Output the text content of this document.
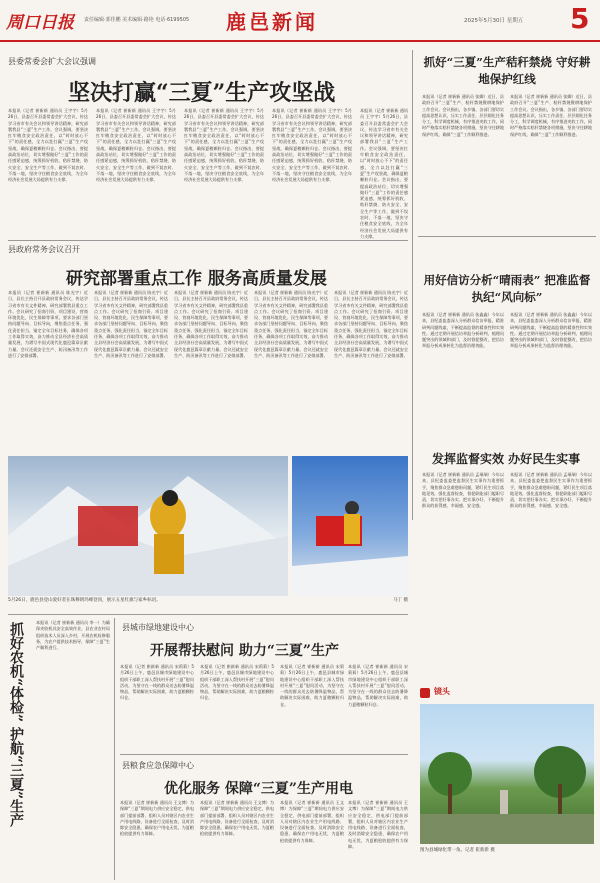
周口日报 责任编辑·郭佳鹏 美术编辑·路艳 电话·6199505 鹿邑新闻	2025年5月30日 星期五 5
县委常委会扩大会议强调
坚决打赢“三夏”生产攻坚战
本报讯（记者 崔新新 通讯员 王宇宇）5月26日，县委召开县委常委会扩大会议，传达学习省市有关会议和领导讲话精神，研究部署我县“三夏”生产工作。会议强调，要坚决扛牢粮食安全政治责任，以“时时放心不下”的责任感，全力以赴打赢“三夏”生产攻坚战，确保夏粮颗粒归仓。会议指出，要提高政治站位，切实增强做好“三夏”工作的责任感紧迫感，统筹抓好机收、秸秆禁烧、防火安全、安全生产等工作，做到不误农时、不落一地，坚决守住粮食安全底线，为全年经济社会发展大局提供有力支撑。
本报讯（记者 崔新新 通讯员 王宇宇）5月26日，县委召开县委常委会扩大会议，传达学习省市有关会议和领导讲话精神，研究部署我县“三夏”生产工作。会议强调，要坚决扛牢粮食安全政治责任，以“时时放心不下”的责任感，全力以赴打赢“三夏”生产攻坚战，确保夏粮颗粒归仓。会议指出，要提高政治站位，切实增强做好“三夏”工作的责任感紧迫感，统筹抓好机收、秸秆禁烧、防火安全、安全生产等工作，做到不误农时、不落一地，坚决守住粮食安全底线，为全年经济社会发展大局提供有力支撑。
本报讯（记者 崔新新 通讯员 王宇宇）5月26日，县委召开县委常委会扩大会议，传达学习省市有关会议和领导讲话精神，研究部署我县“三夏”生产工作。会议强调，要坚决扛牢粮食安全政治责任，以“时时放心不下”的责任感，全力以赴打赢“三夏”生产攻坚战，确保夏粮颗粒归仓。会议指出，要提高政治站位，切实增强做好“三夏”工作的责任感紧迫感，统筹抓好机收、秸秆禁烧、防火安全、安全生产等工作，做到不误农时、不落一地，坚决守住粮食安全底线，为全年经济社会发展大局提供有力支撑。
本报讯（记者 崔新新 通讯员 王宇宇）5月26日，县委召开县委常委会扩大会议，传达学习省市有关会议和领导讲话精神，研究部署我县“三夏”生产工作。会议强调，要坚决扛牢粮食安全政治责任，以“时时放心不下”的责任感，全力以赴打赢“三夏”生产攻坚战，确保夏粮颗粒归仓。会议指出，要提高政治站位，切实增强做好“三夏”工作的责任感紧迫感，统筹抓好机收、秸秆禁烧、防火安全、安全生产等工作，做到不误农时、不落一地，坚决守住粮食安全底线，为全年经济社会发展大局提供有力支撑。
本报讯（记者 崔新新 通讯员 王宇宇）5月26日，县委召开县委常委会扩大会议，传达学习省市有关会议和领导讲话精神，研究部署我县“三夏”生产工作。会议强调，要坚决扛牢粮食安全政治责任，以“时时放心不下”的责任感，全力以赴打赢“三夏”生产攻坚战，确保夏粮颗粒归仓。会议指出，要提高政治站位，切实增强做好“三夏”工作的责任感紧迫感，统筹抓好机收、秸秆禁烧、防火安全、安全生产等工作，做到不误农时、不落一地，坚决守住粮食安全底线，为全年经济社会发展大局提供有力支撑。
抓好“三夏”生产秸秆禁烧 守好耕地保护红线
本报讯（记者 崔新新 通讯员 张卿）近日，县政府召开“三夏”生产、秸秆禁烧暨耕地保护工作会议。会议指出，各乡镇、各部门要切实提高思想认识，压实工作责任，层层细化任务分工，科学调度机械，有序推进麦收工作，同时严格落实秸秆禁烧各项措施，坚决守住耕地保护红线，确保“三夏”工作顺利推进。
本报讯（记者 崔新新 通讯员 张卿）近日，县政府召开“三夏”生产、秸秆禁烧暨耕地保护工作会议。会议指出，各乡镇、各部门要切实提高思想认识，压实工作责任，层层细化任务分工，科学调度机械，有序推进麦收工作，同时严格落实秸秆禁烧各项措施，坚决守住耕地保护红线，确保“三夏”工作顺利推进。
县政府常务会议召开
研究部署重点工作 服务高质量发展
本报讯（记者 崔新新 通讯员 陈光宇）近日，县长主持召开县政府常务会议，传达学习省市有关文件精神，研究部署我县重点工作。会议研究了招商引资、项目建设、营商环境优化、民生保障等事项，要求各部门坚持问题导向、目标导向，聚焦重点任务，强化责任担当，锚定全年目标任务，确保各项工作取得实效，奋力推动全县经济社会高质量发展，为谱写中国式现代化鹿邑篇章贡献力量。会议还就安全生产、防汛备汛等工作进行了安排部署。
本报讯（记者 崔新新 通讯员 陈光宇）近日，县长主持召开县政府常务会议，传达学习省市有关文件精神，研究部署我县重点工作。会议研究了招商引资、项目建设、营商环境优化、民生保障等事项，要求各部门坚持问题导向、目标导向，聚焦重点任务，强化责任担当，锚定全年目标任务，确保各项工作取得实效，奋力推动全县经济社会高质量发展，为谱写中国式现代化鹿邑篇章贡献力量。会议还就安全生产、防汛备汛等工作进行了安排部署。
本报讯（记者 崔新新 通讯员 陈光宇）近日，县长主持召开县政府常务会议，传达学习省市有关文件精神，研究部署我县重点工作。会议研究了招商引资、项目建设、营商环境优化、民生保障等事项，要求各部门坚持问题导向、目标导向，聚焦重点任务，强化责任担当，锚定全年目标任务，确保各项工作取得实效，奋力推动全县经济社会高质量发展，为谱写中国式现代化鹿邑篇章贡献力量。会议还就安全生产、防汛备汛等工作进行了安排部署。
本报讯（记者 崔新新 通讯员 陈光宇）近日，县长主持召开县政府常务会议，传达学习省市有关文件精神，研究部署我县重点工作。会议研究了招商引资、项目建设、营商环境优化、民生保障等事项，要求各部门坚持问题导向、目标导向，聚焦重点任务，强化责任担当，锚定全年目标任务，确保各项工作取得实效，奋力推动全县经济社会高质量发展，为谱写中国式现代化鹿邑篇章贡献力量。会议还就安全生产、防汛备汛等工作进行了安排部署。
本报讯（记者 崔新新 通讯员 陈光宇）近日，县长主持召开县政府常务会议，传达学习省市有关文件精神，研究部署我县重点工作。会议研究了招商引资、项目建设、营商环境优化、民生保障等事项，要求各部门坚持问题导向、目标导向，聚焦重点任务，强化责任担当，锚定全年目标任务，确保各项工作取得实效，奋力推动全县经济社会高质量发展，为谱写中国式现代化鹿邑篇章贡献力量。会议还就安全生产、防汛备汛等工作进行了安排部署。
用好信访分析“晴雨表” 把准监督执纪“风向标”
本报讯（记者 崔新新 通讯员 张鑫鑫）今年以来，县纪委监委深入分析群众信访举报，精准研判问题线索，不断提高监督的精准性和实效性。通过定期开展信访举报分析研判，梳理问题突出的领域和部门，及时督促整改，把信访举报分析成果转化为监督治理效能。
本报讯（记者 崔新新 通讯员 张鑫鑫）今年以来，县纪委监委深入分析群众信访举报，精准研判问题线索，不断提高监督的精准性和实效性。通过定期开展信访举报分析研判，梳理问题突出的领域和部门，及时督促整改，把信访举报分析成果转化为监督治理效能。
发挥监督实效 办好民生实事
本报讯（记者 崔新新 通讯员 孟瑞瑞）今年以来，县纪委监委把监督民生实事作为重要抓手，聚焦群众急难愁盼问题，紧盯民生项目落地见效，强化监督检查，督促职能部门履职尽责，切实把好事办实、把实事办好，不断提升群众的获得感、幸福感、安全感。
本报讯（记者 崔新新 通讯员 孟瑞瑞）今年以来，县纪委监委把监督民生实事作为重要抓手，聚焦群众急难愁盼问题，紧盯民生项目落地见效，强化监督检查，督促职能部门履职尽责，切实把好事办实、把实事办好，不断提升群众的获得感、幸福感、安全感。
5月26日，鹿邑县登山爱好者在珠穆朗玛峰登顶，展示五星红旗与家乡标语。	马丁 摄
抓好农机“体检” 护航“三夏”生产	本报讯（记者 崔新新 通讯员 李一）为确保麦收机具安全高效作业，县农业农村局组织技术人员深入乡村，开展农机检修服务，为农户提供技术指导，保障“三夏”生产顺利进行。
县城市绿地建设中心
开展帮扶慰问 助力“三夏”生产
本报讯（记者 崔新新 通讯员 宋莉莉）5月26日上午，鹿邑县城市绿地建设中心组织干部职工深入帮扶村开展“三夏”慰问活动，为坚守在一线的群众送去防暑降温物品，帮助解决实际困难，助力夏粮颗粒归仓。
本报讯（记者 崔新新 通讯员 宋莉莉）5月26日上午，鹿邑县城市绿地建设中心组织干部职工深入帮扶村开展“三夏”慰问活动，为坚守在一线的群众送去防暑降温物品，帮助解决实际困难，助力夏粮颗粒归仓。
本报讯（记者 崔新新 通讯员 宋莉莉）5月26日上午，鹿邑县城市绿地建设中心组织干部职工深入帮扶村开展“三夏”慰问活动，为坚守在一线的群众送去防暑降温物品，帮助解决实际困难，助力夏粮颗粒归仓。
本报讯（记者 崔新新 通讯员 宋莉莉）5月26日上午，鹿邑县城市绿地建设中心组织干部职工深入帮扶村开展“三夏”慰问活动，为坚守在一线的群众送去防暑降温物品，帮助解决实际困难，助力夏粮颗粒归仓。
县粮食应急保障中心
优化服务 保障“三夏”生产用电
本报讯（记者 崔新新 通讯员 王文博）为保障“三夏”期间电力供应安全稳定，供电部门提前部署，组织人员对辖区内农业生产用电线路、设备进行全面检查，及时消除安全隐患，确保农户用电无忧，为夏粮抢收提供有力保障。
本报讯（记者 崔新新 通讯员 王文博）为保障“三夏”期间电力供应安全稳定，供电部门提前部署，组织人员对辖区内农业生产用电线路、设备进行全面检查，及时消除安全隐患，确保农户用电无忧，为夏粮抢收提供有力保障。
本报讯（记者 崔新新 通讯员 王文博）为保障“三夏”期间电力供应安全稳定，供电部门提前部署，组织人员对辖区内农业生产用电线路、设备进行全面检查，及时消除安全隐患，确保农户用电无忧，为夏粮抢收提供有力保障。
本报讯（记者 崔新新 通讯员 王文博）为保障“三夏”期间电力供应安全稳定，供电部门提前部署，组织人员对辖区内农业生产用电线路、设备进行全面检查，及时消除安全隐患，确保农户用电无忧，为夏粮抢收提供有力保障。
镜头
图为县城绿化带一角。记者 崔新新 摄
